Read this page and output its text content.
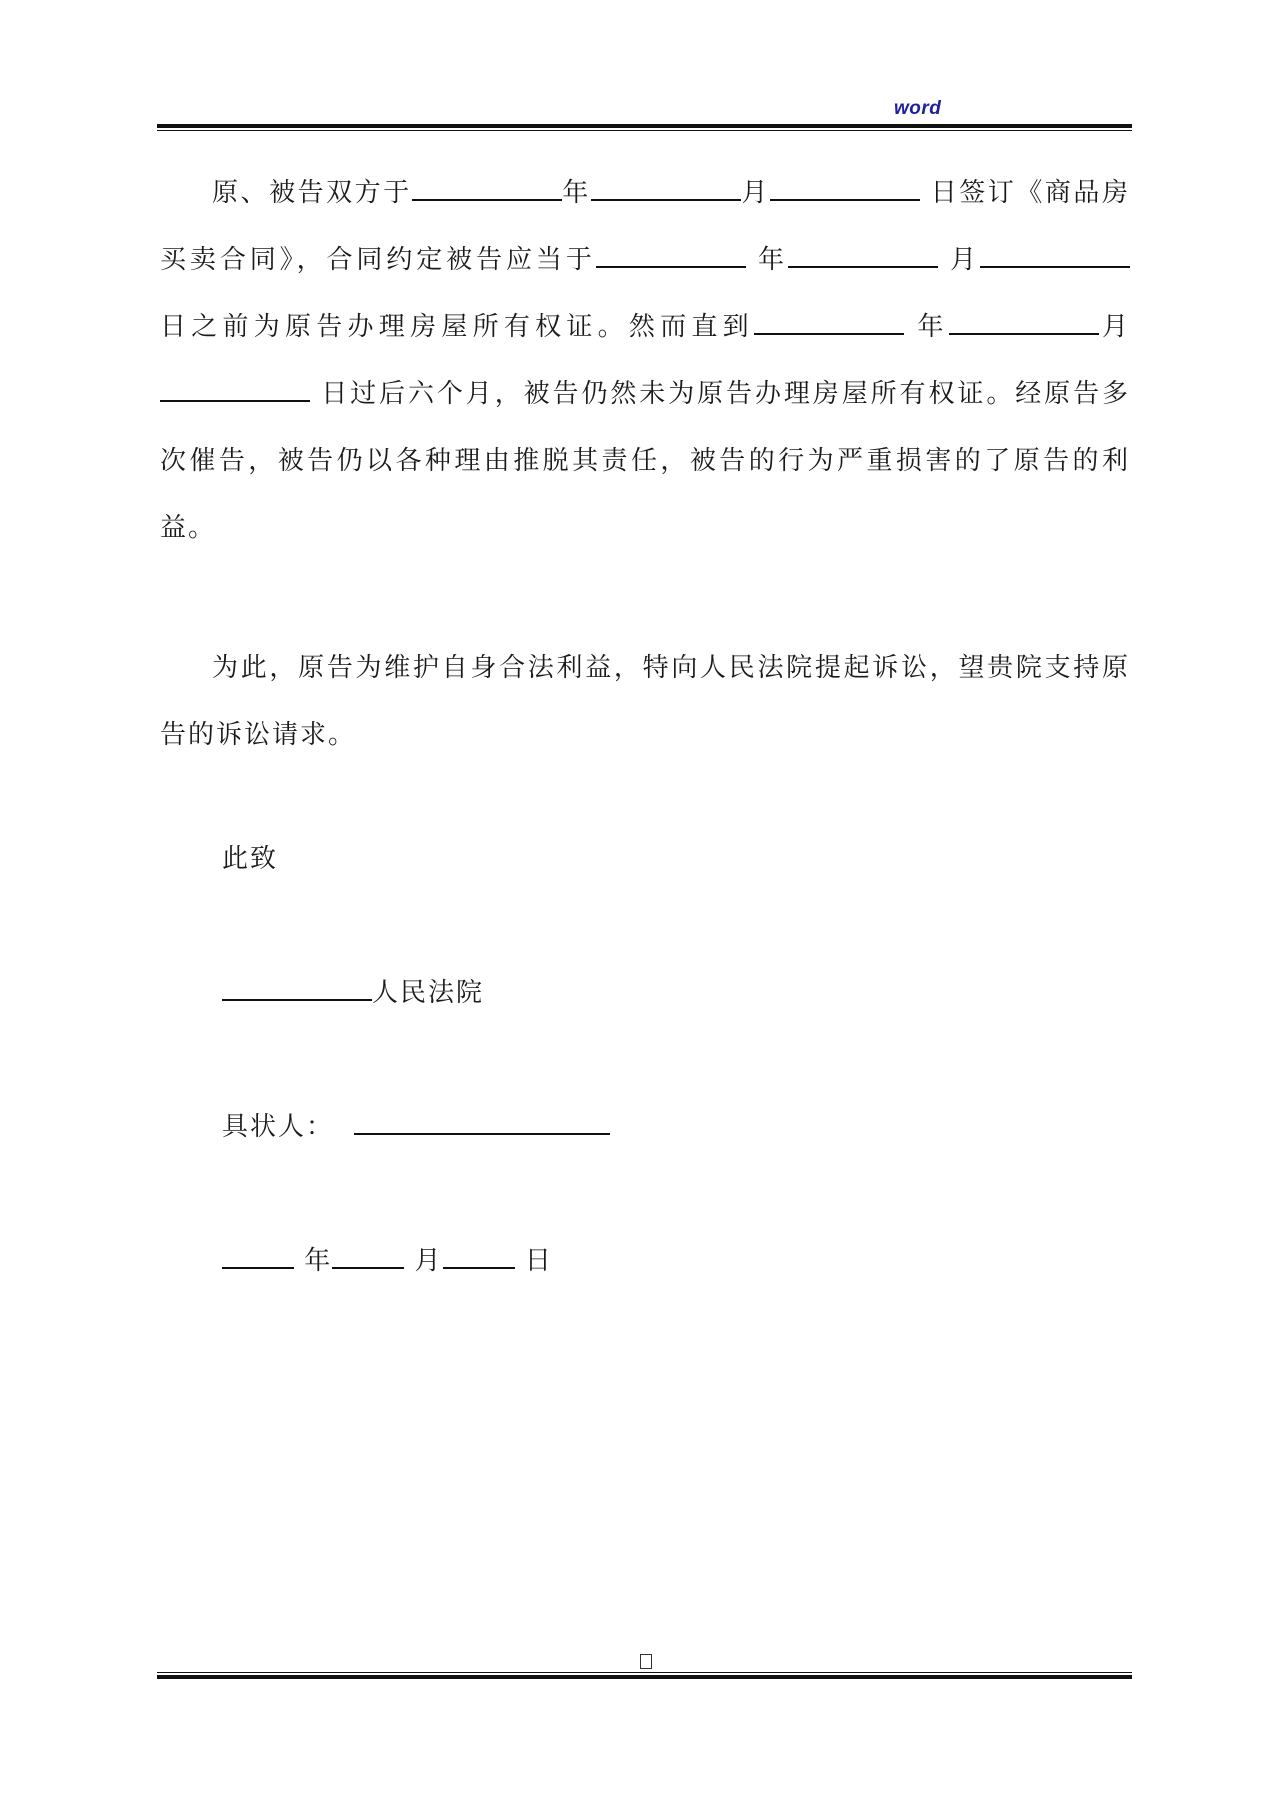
word

原、被告双方于	年	月	日签订《商品房买卖合同》，合同约定被告应当于	年	月 日之前为原告办理房屋所有权证。然而直到	年	月 日过后六个月，被告仍然未为原告办理房屋所有权证。经原告多次催告，被告仍以各种理由推脱其责任，被告的行为严重损害的了原告的利益。

为此，原告为维护自身合法利益，特向人民法院提起诉讼，望贵院支持原告的诉讼请求。

此致
人民法院
具状人：
年	月	日
